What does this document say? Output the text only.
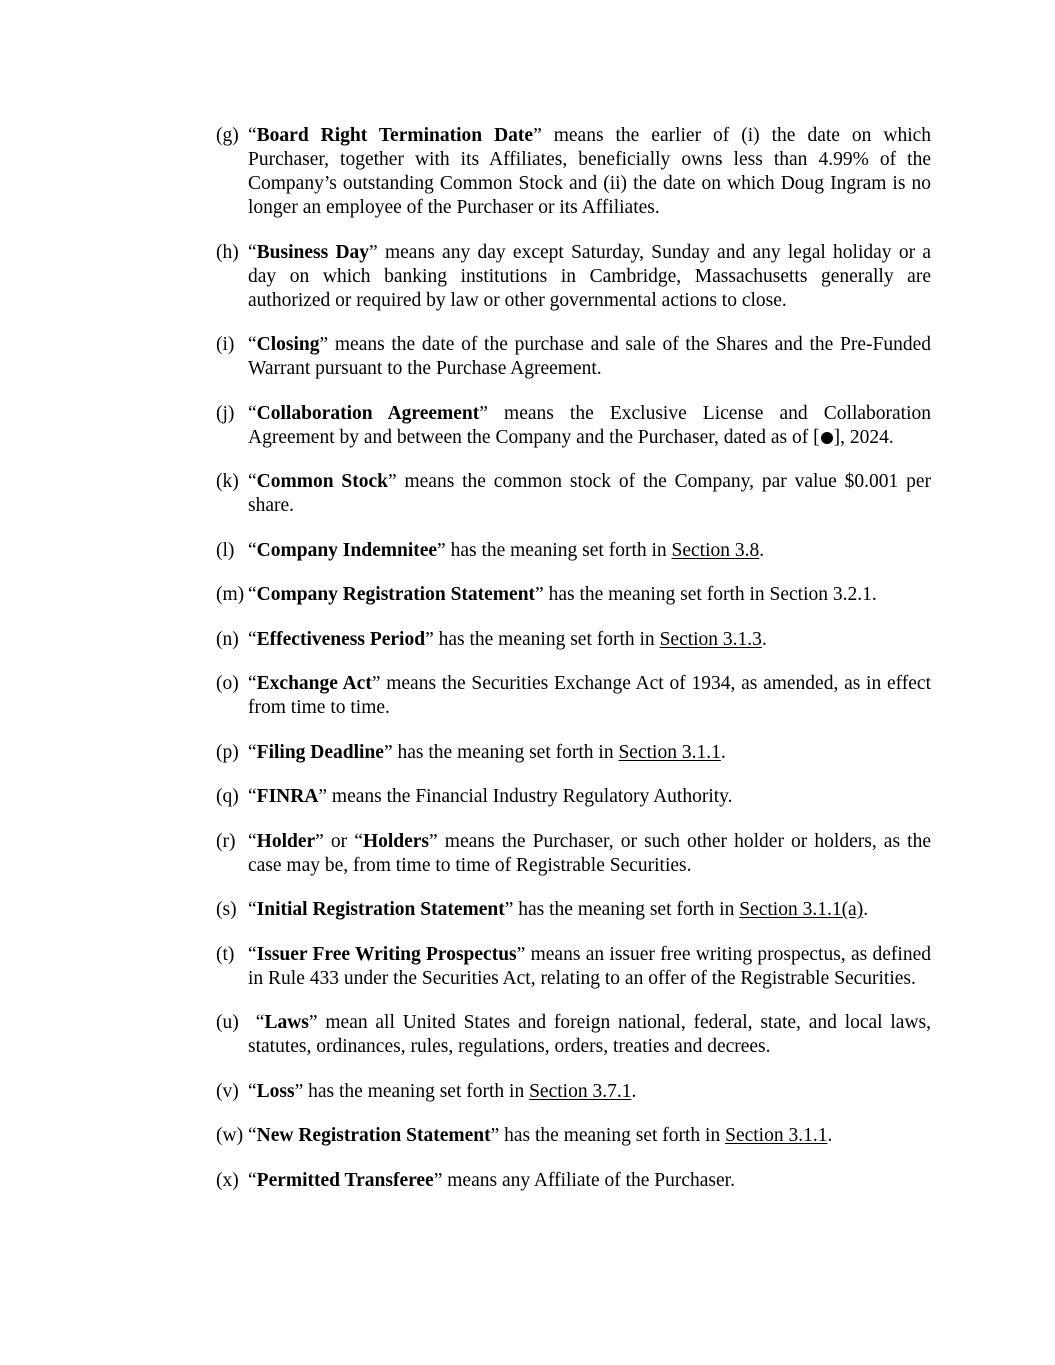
(g) “Board Right Termination Date” means the earlier of (i) the date on which Purchaser, together with its Affiliates, beneficially owns less than 4.99% of the Company’s outstanding Common Stock and (ii) the date on which Doug Ingram is no longer an employee of the Purchaser or its Affiliates.
(h) “Business Day” means any day except Saturday, Sunday and any legal holiday or a day on which banking institutions in Cambridge, Massachusetts generally are authorized or required by law or other governmental actions to close.
(i) “Closing” means the date of the purchase and sale of the Shares and the Pre-Funded Warrant pursuant to the Purchase Agreement.
(j) “Collaboration Agreement” means the Exclusive License and Collaboration Agreement by and between the Company and the Purchaser, dated as of [ ], 2024.
(k) “Common Stock” means the common stock of the Company, par value $0.001 per share.
(l) “Company Indemnitee” has the meaning set forth in Section 3.8.
(m) “Company Registration Statement” has the meaning set forth in Section 3.2.1.
(n) “Effectiveness Period” has the meaning set forth in Section 3.1.3.
(o) “Exchange Act” means the Securities Exchange Act of 1934, as amended, as in effect from time to time.
(p) “Filing Deadline” has the meaning set forth in Section 3.1.1.
(q) “FINRA” means the Financial Industry Regulatory Authority.
(r) “Holder” or “Holders” means the Purchaser, or such other holder or holders, as the case may be, from time to time of Registrable Securities.
(s) “Initial Registration Statement” has the meaning set forth in Section 3.1.1(a).
(t) “Issuer Free Writing Prospectus” means an issuer free writing prospectus, as defined in Rule 433 under the Securities Act, relating to an offer of the Registrable Securities.
(u) “Laws” mean all United States and foreign national, federal, state, and local laws, statutes, ordinances, rules, regulations, orders, treaties and decrees.
(v) “Loss” has the meaning set forth in Section 3.7.1.
(w) “New Registration Statement” has the meaning set forth in Section 3.1.1.
(x) “Permitted Transferee” means any Affiliate of the Purchaser.
